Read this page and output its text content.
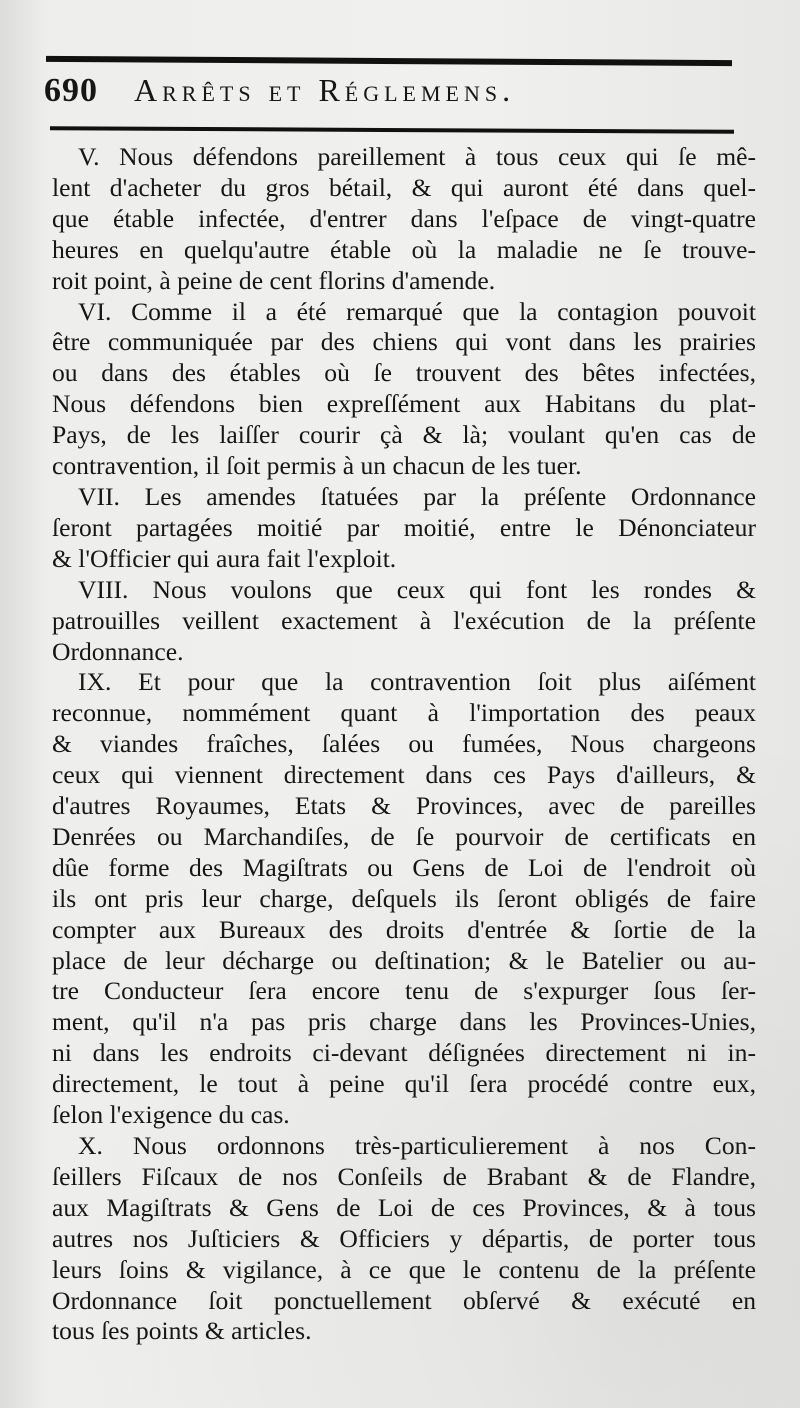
690 Arrêts et Réglemens.

V. Nous défendons pareillement à tous ceux qui ſe mê-
lent d'acheter du gros bétail, & qui auront été dans quel-
que étable infectée, d'entrer dans l'eſpace de vingt-quatre
heures en quelqu'autre étable où la maladie ne ſe trouve-
roit point, à peine de cent florins d'amende.

VI. Comme il a été remarqué que la contagion pouvoit
être communiquée par des chiens qui vont dans les prairies
ou dans des étables où ſe trouvent des bêtes infectées,
Nous défendons bien expreſſément aux Habitans du plat-
Pays, de les laiſſer courir çà & là; voulant qu'en cas de
contravention, il ſoit permis à un chacun de les tuer.

VII. Les amendes ſtatuées par la préſente Ordonnance
ſeront partagées moitié par moitié, entre le Dénonciateur
& l'Officier qui aura fait l'exploit.

VIII. Nous voulons que ceux qui font les rondes &
patrouilles veillent exactement à l'exécution de la préſente
Ordonnance.

IX. Et pour que la contravention ſoit plus aiſément
reconnue, nommément quant à l'importation des peaux
& viandes fraîches, ſalées ou fumées, Nous chargeons
ceux qui viennent directement dans ces Pays d'ailleurs, &
d'autres Royaumes, Etats & Provinces, avec de pareilles
Denrées ou Marchandiſes, de ſe pourvoir de certificats en
dûe forme des Magiſtrats ou Gens de Loi de l'endroit où
ils ont pris leur charge, deſquels ils ſeront obligés de faire
compter aux Bureaux des droits d'entrée & ſortie de la
place de leur décharge ou deſtination; & le Batelier ou au-
tre Conducteur ſera encore tenu de s'expurger ſous ſer-
ment, qu'il n'a pas pris charge dans les Provinces-Unies,
ni dans les endroits ci-devant déſignées directement ni in-
directement, le tout à peine qu'il ſera procédé contre eux,
ſelon l'exigence du cas.

X. Nous ordonnons très-particulierement à nos Con-
ſeillers Fiſcaux de nos Conſeils de Brabant & de Flandre,
aux Magiſtrats & Gens de Loi de ces Provinces, & à tous
autres nos Juſticiers & Officiers y départis, de porter tous
leurs ſoins & vigilance, à ce que le contenu de la préſente
Ordonnance ſoit ponctuellement obſervé & exécuté en
tous ſes points & articles.
